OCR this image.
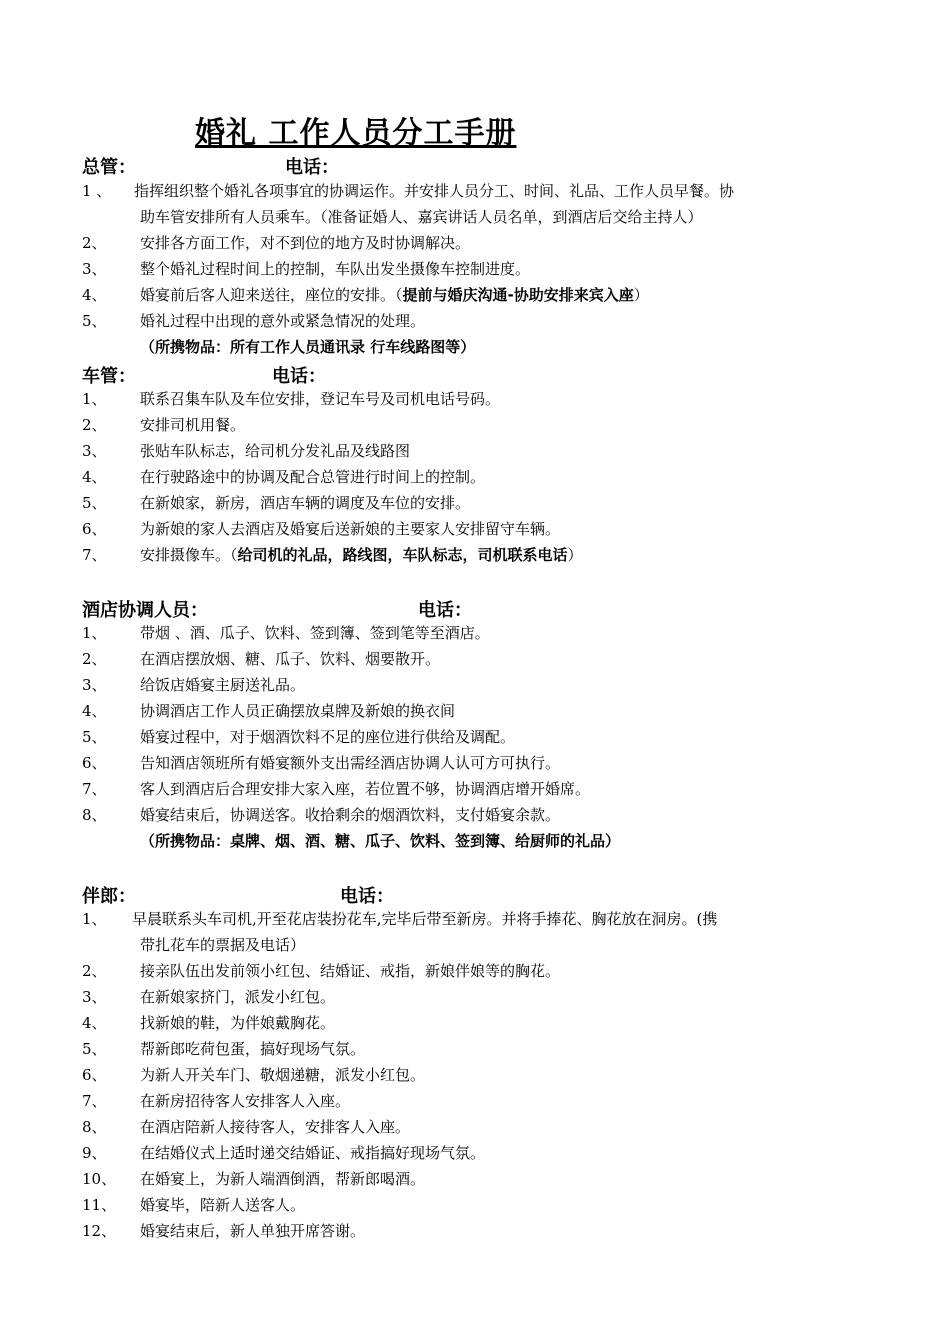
婚礼 工作人员分工手册
总管：	电话：
1 、 指挥组织整个婚礼各项事宜的协调运作。并安排人员分工、时间、礼品、工作人员早餐。协
助车管安排所有人员乘车。（准备证婚人、嘉宾讲话人员名单，到酒店后交给主持人）
2、 安排各方面工作，对不到位的地方及时协调解决。
3、 整个婚礼过程时间上的控制，车队出发坐摄像车控制进度。
4、 婚宴前后客人迎来送往，座位的安排。（提前与婚庆沟通-协助安排来宾入座）
5、 婚礼过程中出现的意外或紧急情况的处理。
（所携物品：所有工作人员通讯录 行车线路图等）
车管：	电话：
1、 联系召集车队及车位安排，登记车号及司机电话号码。
2、 安排司机用餐。
3、 张贴车队标志，给司机分发礼品及线路图
4、 在行驶路途中的协调及配合总管进行时间上的控制。
5、 在新娘家，新房，酒店车辆的调度及车位的安排。
6、 为新娘的家人去酒店及婚宴后送新娘的主要家人安排留守车辆。
7、 安排摄像车。（给司机的礼品，路线图，车队标志，司机联系电话）
酒店协调人员：	电话：
1、 带烟 、酒、瓜子、饮料、签到簿、签到笔等至酒店。
2、 在酒店摆放烟、糖、瓜子、饮料、烟要散开。
3、 给饭店婚宴主厨送礼品。
4、 协调酒店工作人员正确摆放桌牌及新娘的换衣间
5、 婚宴过程中，对于烟酒饮料不足的座位进行供给及调配。
6、 告知酒店领班所有婚宴额外支出需经酒店协调人认可方可执行。
7、 客人到酒店后合理安排大家入座，若位置不够，协调酒店增开婚席。
8、 婚宴结束后，协调送客。收拾剩余的烟酒饮料，支付婚宴余款。
（所携物品：桌牌、烟、酒、糖、瓜子、饮料、签到簿、给厨师的礼品）
伴郎：	电话：
1、 早晨联系头车司机,开至花店装扮花车,完毕后带至新房。并将手捧花、胸花放在洞房。(携
带扎花车的票据及电话）
2、 接亲队伍出发前领小红包、结婚证、戒指，新娘伴娘等的胸花。
3、 在新娘家挤门，派发小红包。
4、 找新娘的鞋，为伴娘戴胸花。
5、 帮新郎吃荷包蛋，搞好现场气氛。
6、 为新人开关车门、敬烟递糖，派发小红包。
7、 在新房招待客人安排客人入座。
8、 在酒店陪新人接待客人，安排客人入座。
9、 在结婚仪式上适时递交结婚证、戒指搞好现场气氛。
10、 在婚宴上，为新人端酒倒酒，帮新郎喝酒。
11、 婚宴毕，陪新人送客人。
12、 婚宴结束后，新人单独开席答谢。
